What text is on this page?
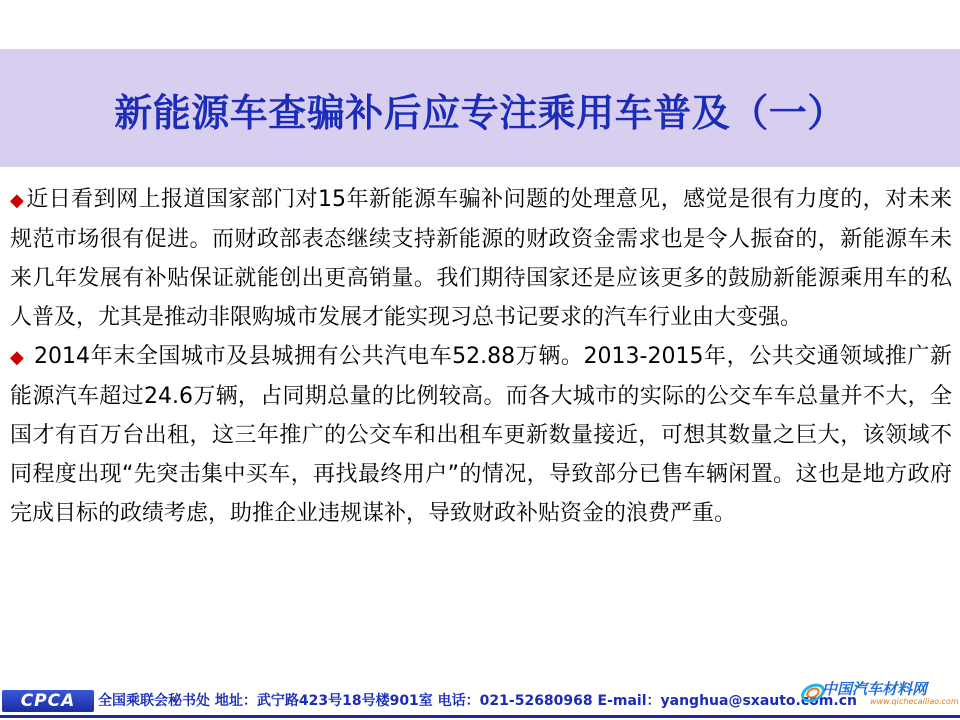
新能源车查骗补后应专注乘用车普及（一）

◆近日看到网上报道国家部门对15年新能源车骗补问题的处理意见，感觉是很有力度的，对未来规范市场很有促进。而财政部表态继续支持新能源的财政资金需求也是令人振奋的，新能源车未来几年发展有补贴保证就能创出更高销量。我们期待国家还是应该更多的鼓励新能源乘用车的私人普及，尤其是推动非限购城市发展才能实现习总书记要求的汽车行业由大变强。

◆ 2014年末全国城市及县城拥有公共汽电车52.88万辆。2013-2015年，公共交通领域推广新能源汽车超过24.6万辆，占同期总量的比例较高。而各大城市的实际的公交车车总量并不大，全国才有百万台出租，这三年推广的公交车和出租车更新数量接近，可想其数量之巨大，该领域不同程度出现“先突击集中买车，再找最终用户”的情况，导致部分已售车辆闲置。这也是地方政府完成目标的政绩考虑，助推企业违规谋补，导致财政补贴资金的浪费严重。

CPCA	全国乘联会秘书处 地址：武宁路423号18号楼901室 电话：021-52680968 E-mail：yanghua@sxauto.com.cn
中国汽车材料网
www.qichecailiao.com
